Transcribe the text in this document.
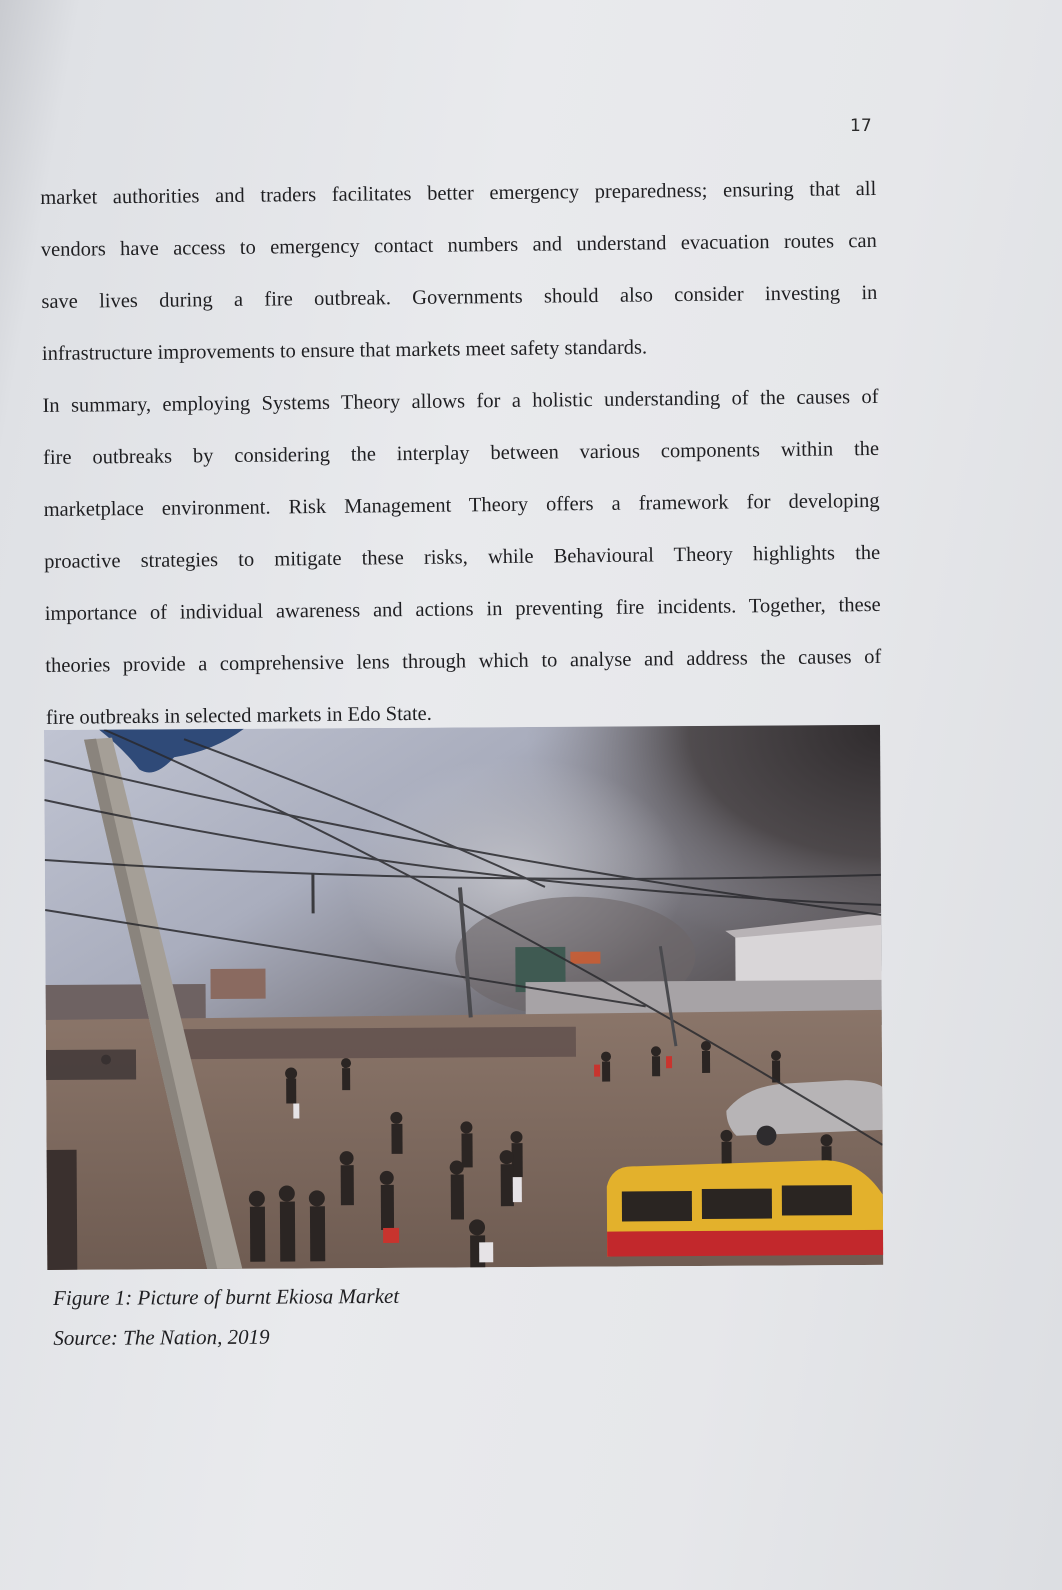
17
market authorities and traders facilitates better emergency preparedness; ensuring that all
vendors have access to emergency contact numbers and understand evacuation routes can
save lives during a fire outbreak. Governments should also consider investing in
infrastructure improvements to ensure that markets meet safety standards.
In summary, employing Systems Theory allows for a holistic understanding of the causes of
fire outbreaks by considering the interplay between various components within the
marketplace environment. Risk Management Theory offers a framework for developing
proactive strategies to mitigate these risks, while Behavioural Theory highlights the
importance of individual awareness and actions in preventing fire incidents. Together, these
theories provide a comprehensive lens through which to analyse and address the causes of
fire outbreaks in selected markets in Edo State.
Figure 1: Picture of burnt Ekiosa Market
Source: The Nation, 2019
